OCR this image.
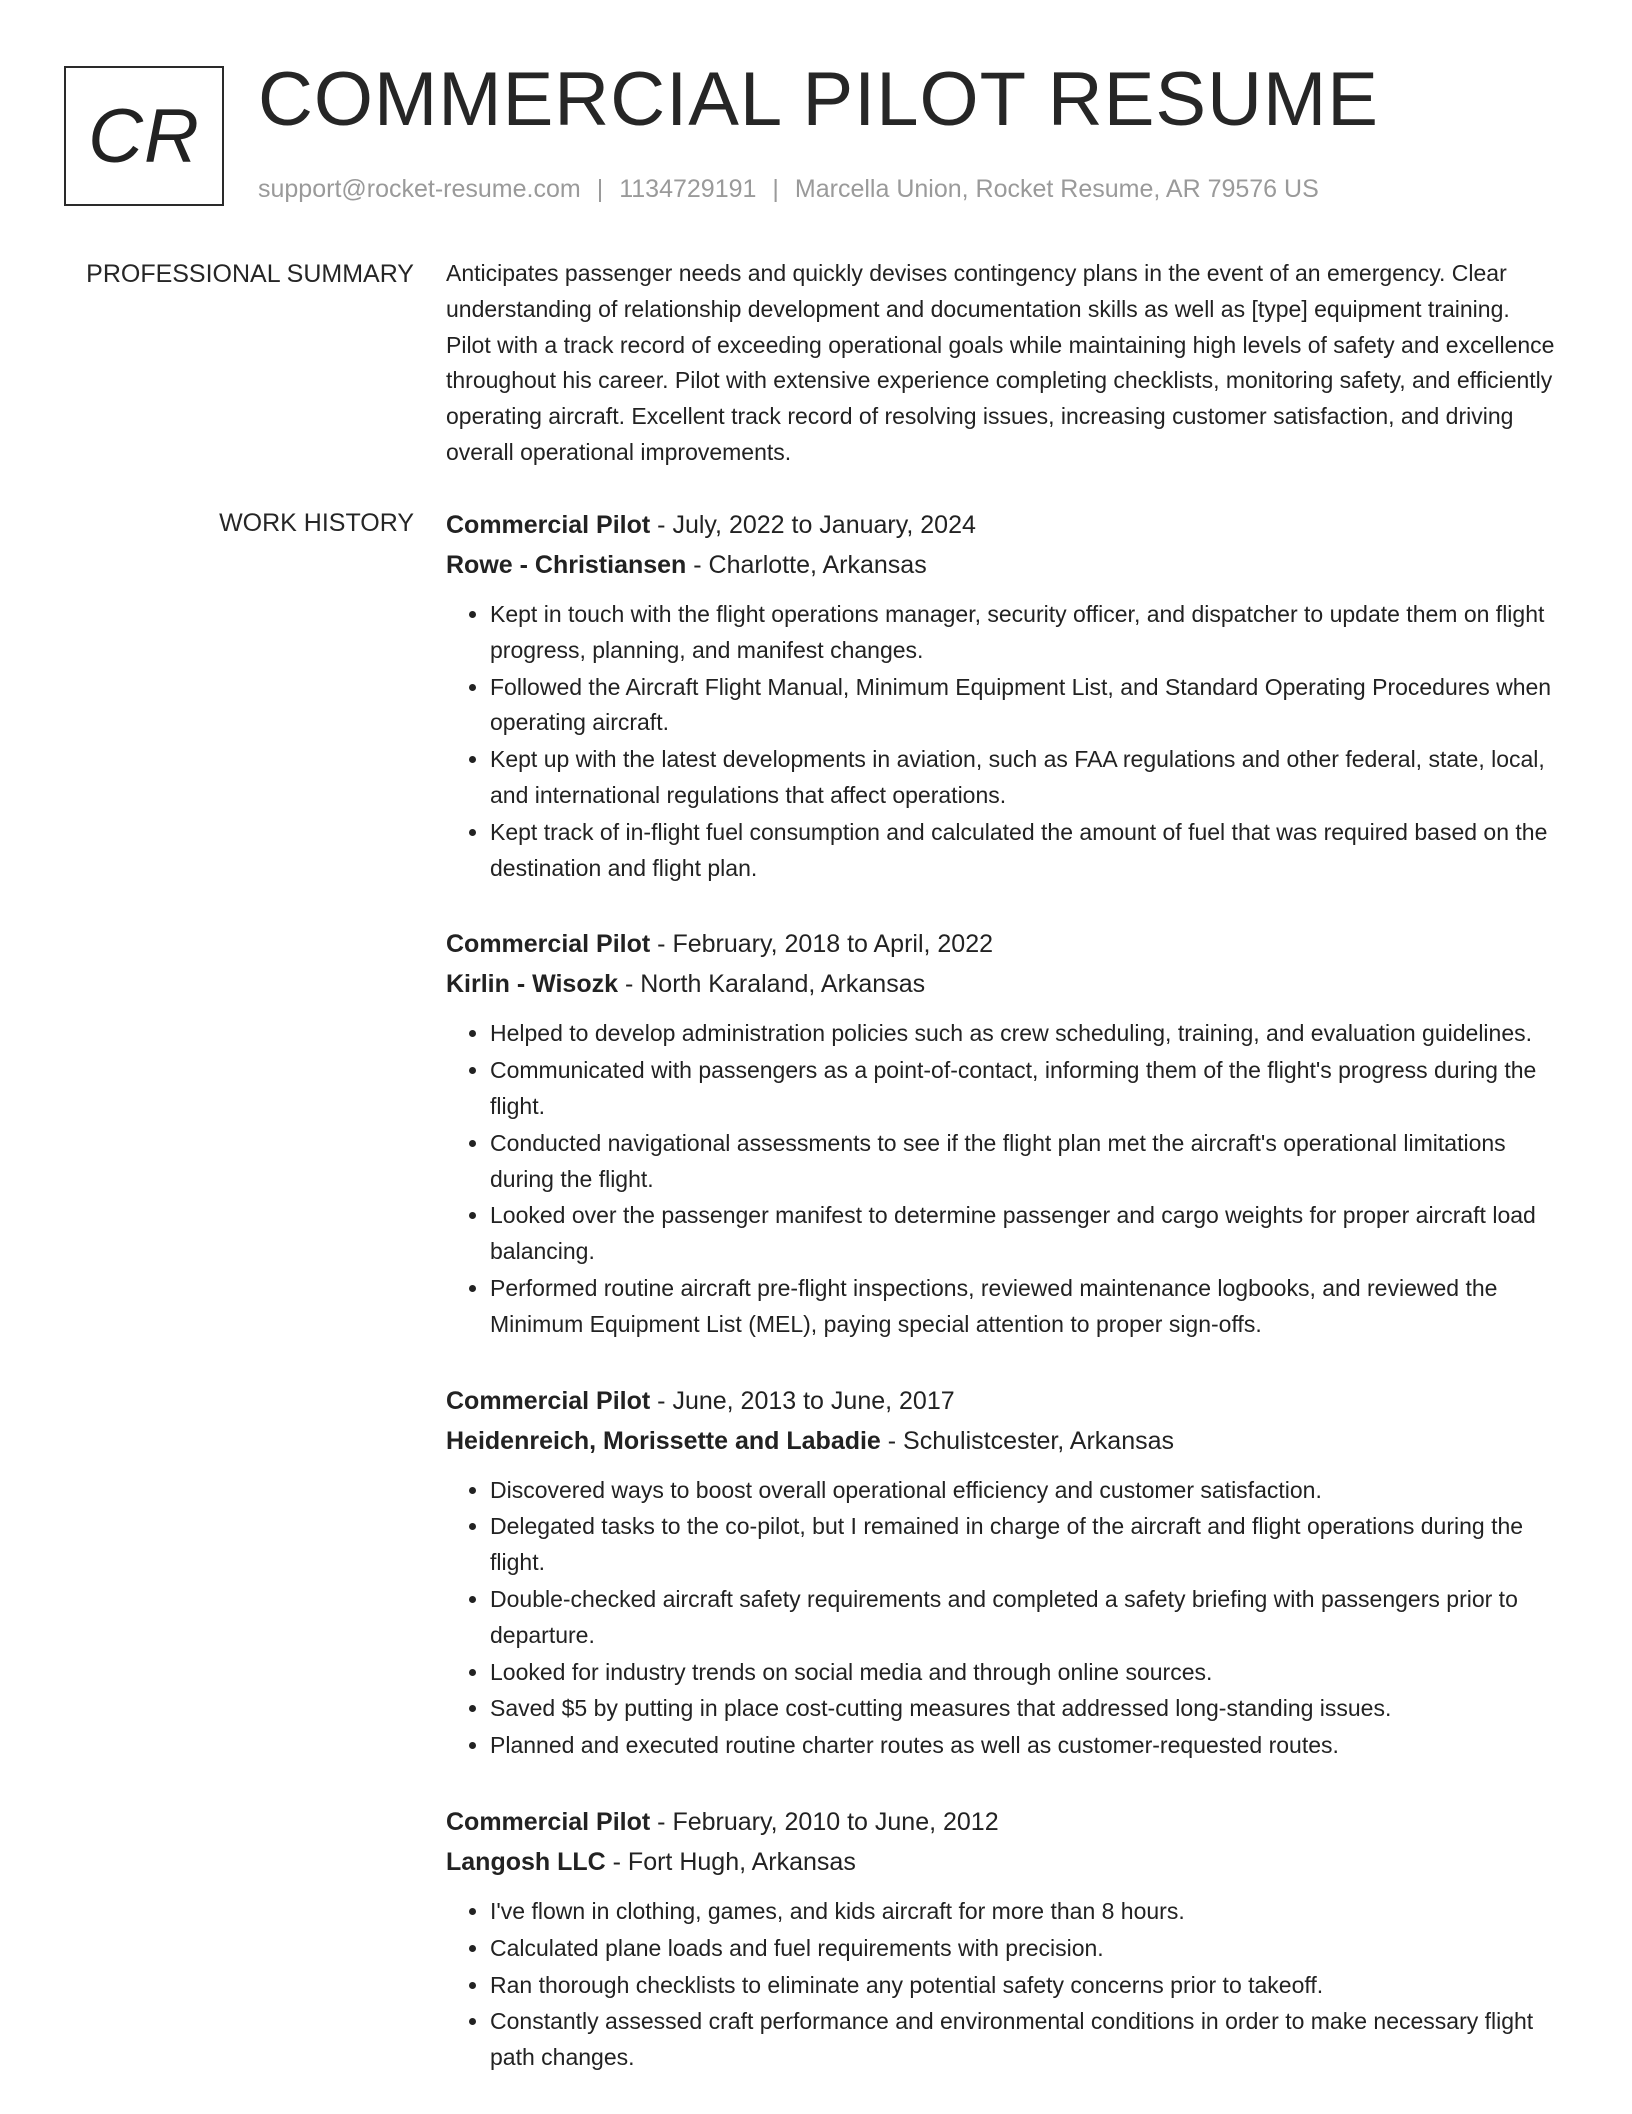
CR COMMERCIAL PILOT RESUME
support@rocket-resume.com | 1134729191 | Marcella Union, Rocket Resume, AR 79576 US
PROFESSIONAL SUMMARY Anticipates passenger needs and quickly devises contingency plans in the event of an emergency. Clear understanding of relationship development and documentation skills as well as [type] equipment training. Pilot with a track record of exceeding operational goals while maintaining high levels of safety and excellence throughout his career. Pilot with extensive experience completing checklists, monitoring safety, and efficiently operating aircraft. Excellent track record of resolving issues, increasing customer satisfaction, and driving overall operational improvements.

WORK HISTORY Commercial Pilot - July, 2022 to January, 2024
Rowe - Christiansen - Charlotte, Arkansas
• Kept in touch with the flight operations manager, security officer, and dispatcher to update them on flight progress, planning, and manifest changes.
• Followed the Aircraft Flight Manual, Minimum Equipment List, and Standard Operating Procedures when operating aircraft.
• Kept up with the latest developments in aviation, such as FAA regulations and other federal, state, local, and international regulations that affect operations.
• Kept track of in-flight fuel consumption and calculated the amount of fuel that was required based on the destination and flight plan.
Commercial Pilot - February, 2018 to April, 2022
Kirlin - Wisozk - North Karaland, Arkansas
• Helped to develop administration policies such as crew scheduling, training, and evaluation guidelines.
• Communicated with passengers as a point-of-contact, informing them of the flight's progress during the flight.
• Conducted navigational assessments to see if the flight plan met the aircraft's operational limitations during the flight.
• Looked over the passenger manifest to determine passenger and cargo weights for proper aircraft load balancing.
• Performed routine aircraft pre-flight inspections, reviewed maintenance logbooks, and reviewed the Minimum Equipment List (MEL), paying special attention to proper sign-offs.
Commercial Pilot - June, 2013 to June, 2017
Heidenreich, Morissette and Labadie - Schulistcester, Arkansas
• Discovered ways to boost overall operational efficiency and customer satisfaction.
• Delegated tasks to the co-pilot, but I remained in charge of the aircraft and flight operations during the flight.
• Double-checked aircraft safety requirements and completed a safety briefing with passengers prior to departure.
• Looked for industry trends on social media and through online sources.
• Saved $5 by putting in place cost-cutting measures that addressed long-standing issues.
• Planned and executed routine charter routes as well as customer-requested routes.
Commercial Pilot - February, 2010 to June, 2012
Langosh LLC - Fort Hugh, Arkansas
• I've flown in clothing, games, and kids aircraft for more than 8 hours.
• Calculated plane loads and fuel requirements with precision.
• Ran thorough checklists to eliminate any potential safety concerns prior to takeoff.
• Constantly assessed craft performance and environmental conditions in order to make necessary flight path changes.
